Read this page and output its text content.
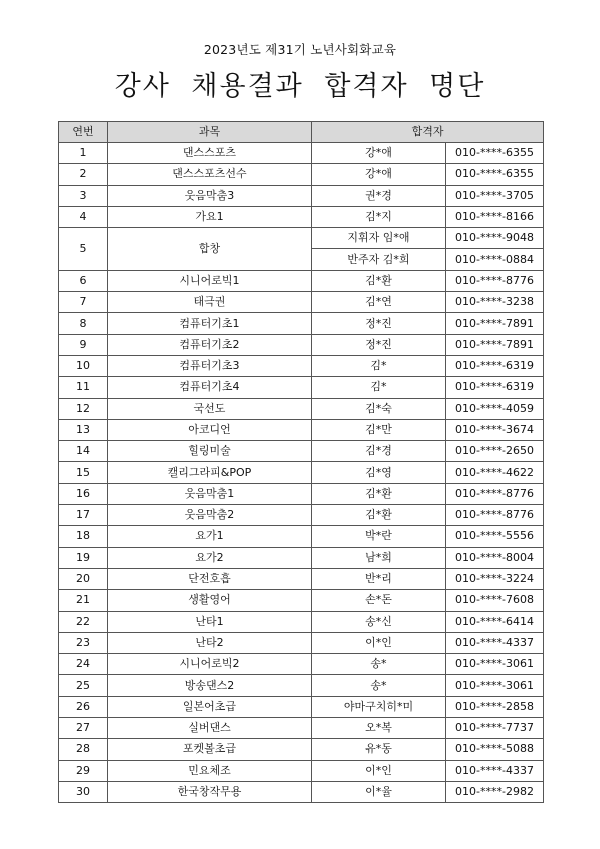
2023년도 제31기 노년사회화교육
강사 채용결과 합격자 명단
연번	과목	합격자	
1	댄스스포츠	강*애	010-****-6355
2	댄스스포츠선수	강*애	010-****-6355
3	웃음막춤3	권*경	010-****-3705
4	가요1	김*지	010-****-8166
5	합창	지휘자 임*애	010-****-9048
		반주자 김*희	010-****-0884
6	시니어로빅1	김*환	010-****-8776
7	태극권	김*연	010-****-3238
8	컴퓨터기초1	정*진	010-****-7891
9	컴퓨터기초2	정*진	010-****-7891
10	컴퓨터기초3	김*	010-****-6319
11	컴퓨터기초4	김*	010-****-6319
12	국선도	김*숙	010-****-4059
13	아코디언	김*만	010-****-3674
14	힐링미술	김*경	010-****-2650
15	캘리그라피&POP	김*영	010-****-4622
16	웃음막춤1	김*환	010-****-8776
17	웃음막춤2	김*환	010-****-8776
18	요가1	박*란	010-****-5556
19	요가2	남*희	010-****-8004
20	단전호흡	반*리	010-****-3224
21	생활영어	손*돈	010-****-7608
22	난타1	송*신	010-****-6414
23	난타2	이*인	010-****-4337
24	시니어로빅2	송*	010-****-3061
25	방송댄스2	송*	010-****-3061
26	일본어초급	야마구치히*미	010-****-2858
27	실버댄스	오*복	010-****-7737
28	포켓볼초급	유*동	010-****-5088
29	민요체조	이*인	010-****-4337
30	한국창작무용	이*율	010-****-2982
